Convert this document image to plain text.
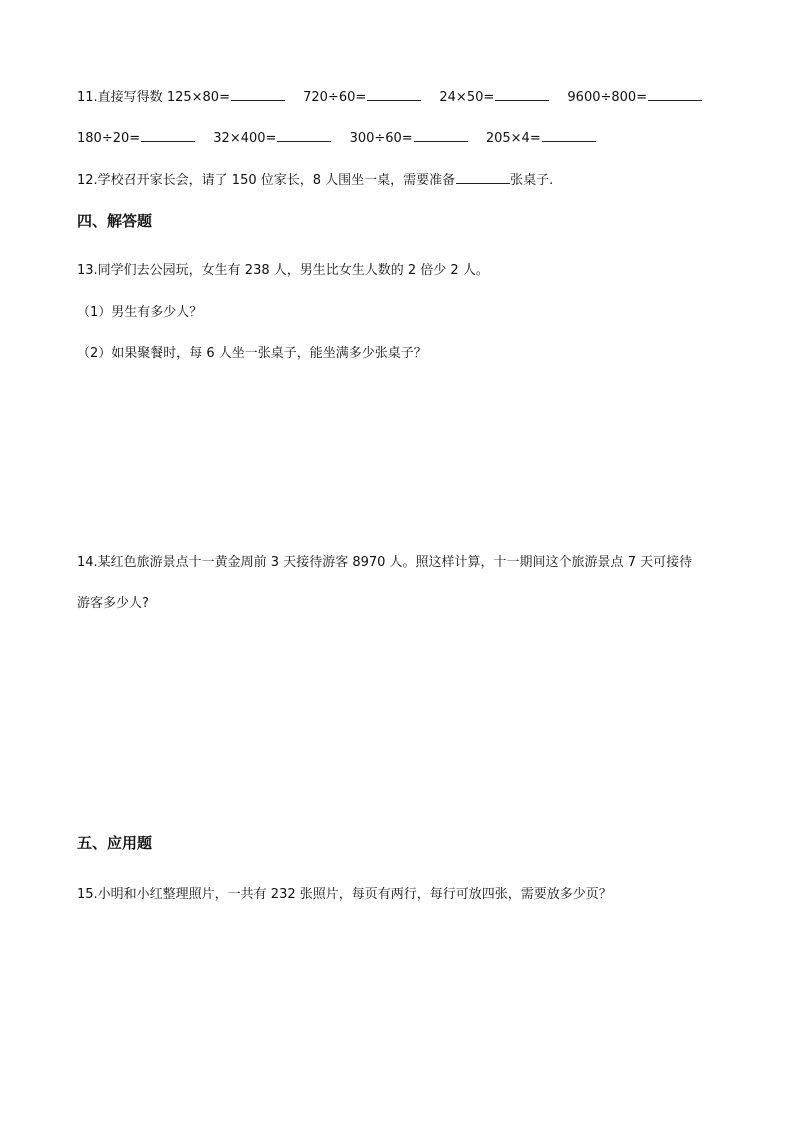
11.直接写得数 125×80=	720÷60=	24×50=	9600÷800=
180÷20=	32×400=	300÷60=	205×4=
12.学校召开家长会，请了 150 位家长，8 人围坐一桌，需要准备	张桌子.
四、解答题
13.同学们去公园玩，女生有 238 人，男生比女生人数的 2 倍少 2 人。
（1）男生有多少人？
（2）如果聚餐时，每 6 人坐一张桌子，能坐满多少张桌子？
14.某红色旅游景点十一黄金周前 3 天接待游客 8970 人。照这样计算，十一期间这个旅游景点 7 天可接待
游客多少人?
五、应用题
15.小明和小红整理照片，一共有 232 张照片，每页有两行，每行可放四张，需要放多少页？
